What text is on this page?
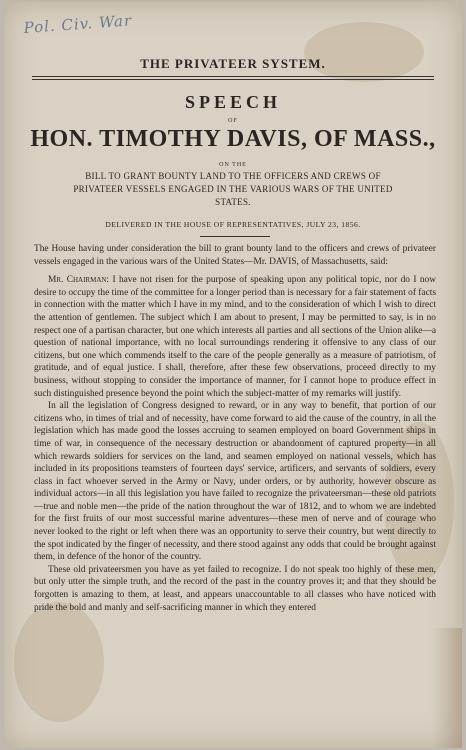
Pol. Civ. War
THE PRIVATEER SYSTEM.
SPEECH
OF
HON. TIMOTHY DAVIS, OF MASS.,
ON THE
BILL TO GRANT BOUNTY LAND TO THE OFFICERS AND CREWS OF PRIVATEER VESSELS ENGAGED IN THE VARIOUS WARS OF THE UNITED STATES.
DELIVERED IN THE HOUSE OF REPRESENTATIVES, JULY 23, 1856.

The House having under consideration the bill to grant bounty land to the officers and crews of privateer vessels engaged in the various wars of the United States—Mr. DAVIS, of Massachusetts, said:

Mr. Chairman: I have not risen for the purpose of speaking upon any political topic, nor do I now desire to occupy the time of the committee for a longer period than is necessary for a fair statement of facts in connection with the matter which I have in my mind, and to the consideration of which I wish to direct the attention of gentlemen. The subject which I am about to present, I may be permitted to say, is in no respect one of a partisan character, but one which interests all parties and all sections of the Union alike—a question of national importance, with no local surroundings rendering it offensive to any class of our citizens, but one which commends itself to the care of the people generally as a measure of patriotism, of gratitude, and of equal justice. I shall, therefore, after these few observations, proceed directly to my business, without stopping to consider the importance of manner, for I cannot hope to produce effect in such distinguished presence beyond the point which the subject-matter of my remarks will justify.

In all the legislation of Congress designed to reward, or in any way to benefit, that portion of our citizens who, in times of trial and of necessity, have come forward to aid the cause of the country, in all the legislation which has made good the losses accruing to seamen employed on board Government ships in time of war, in consequence of the necessary destruction or abandonment of captured property—in all which rewards soldiers for services on the land, and seamen employed on national vessels, which has included in its propositions teamsters of fourteen days' service, artificers, and servants of soldiers, every class in fact whoever served in the Army or Navy, under orders, or by authority, however obscure as individual actors—in all this legislation you have failed to recognize the privateersman—these old patriots—true and noble men—the pride of the nation throughout the war of 1812, and to whom we are indebted for the first fruits of our most successful marine adventures—these men of nerve and of courage who never looked to the right or left when there was an opportunity to serve their country, but went directly to the spot indicated by the finger of necessity, and there stood against any odds that could be brought against them, in defence of the honor of the country.

These old privateersmen you have as yet failed to recognize. I do not speak too highly of these men, but only utter the simple truth, and the record of the past in the country proves it; and that they should be forgotten is amazing to them, at least, and appears unaccountable to all classes who have noticed with pride the bold and manly and self-sacrificing manner in which they entered
